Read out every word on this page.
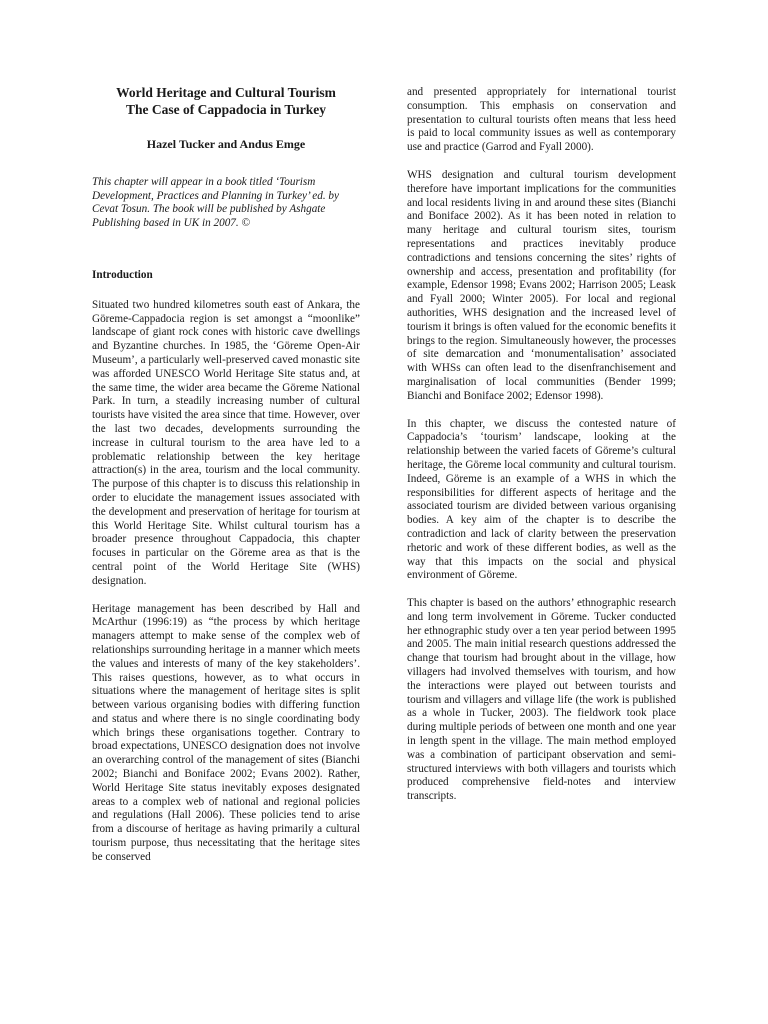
World Heritage and Cultural Tourism
The Case of Cappadocia in Turkey
Hazel Tucker and Andus Emge
This chapter will appear in a book titled ‘Tourism Development, Practices and Planning in Turkey’ ed. by Cevat Tosun. The book will be published by Ashgate Publishing based in UK in 2007. ©
Introduction

Situated two hundred kilometres south east of Ankara, the Göreme-Cappadocia region is set amongst a “moonlike” landscape of giant rock cones with historic cave dwellings and Byzantine churches. In 1985, the ‘Göreme Open-Air Museum’, a particularly well-preserved caved monastic site was afforded UNESCO World Heritage Site status and, at the same time, the wider area became the Göreme National Park. In turn, a steadily increasing number of cultural tourists have visited the area since that time. However, over the last two decades, developments surrounding the increase in cultural tourism to the area have led to a problematic relationship between the key heritage attraction(s) in the area, tourism and the local community. The purpose of this chapter is to discuss this relationship in order to elucidate the management issues associated with the development and preservation of heritage for tourism at this World Heritage Site. Whilst cultural tourism has a broader presence throughout Cappadocia, this chapter focuses in particular on the Göreme area as that is the central point of the World Heritage Site (WHS) designation.

Heritage management has been described by Hall and McArthur (1996:19) as “the process by which heritage managers attempt to make sense of the complex web of relationships surrounding heritage in a manner which meets the values and interests of many of the key stakeholders’. This raises questions, however, as to what occurs in situations where the management of heritage sites is split between various organising bodies with differing function and status and where there is no single coordinating body which brings these organisations together. Contrary to broad expectations, UNESCO designation does not involve an overarching control of the management of sites (Bianchi 2002; Bianchi and Boniface 2002; Evans 2002). Rather, World Heritage Site status inevitably exposes designated areas to a complex web of national and regional policies and regulations (Hall 2006). These policies tend to arise from a discourse of heritage as having primarily a cultural tourism purpose, thus necessitating that the heritage sites be conserved

and presented appropriately for international tourist consumption. This emphasis on conservation and presentation to cultural tourists often means that less heed is paid to local community issues as well as contemporary use and practice (Garrod and Fyall 2000).

WHS designation and cultural tourism development therefore have important implications for the communities and local residents living in and around these sites (Bianchi and Boniface 2002). As it has been noted in relation to many heritage and cultural tourism sites, tourism representations and practices inevitably produce contradictions and tensions concerning the sites’ rights of ownership and access, presentation and profitability (for example, Edensor 1998; Evans 2002; Harrison 2005; Leask and Fyall 2000; Winter 2005). For local and regional authorities, WHS designation and the increased level of tourism it brings is often valued for the economic benefits it brings to the region. Simultaneously however, the processes of site demarcation and ‘monumentalisation’ associated with WHSs can often lead to the disenfranchisement and marginalisation of local communities (Bender 1999; Bianchi and Boniface 2002; Edensor 1998).

In this chapter, we discuss the contested nature of Cappadocia’s ‘tourism’ landscape, looking at the relationship between the varied facets of Göreme’s cultural heritage, the Göreme local community and cultural tourism. Indeed, Göreme is an example of a WHS in which the responsibilities for different aspects of heritage and the associated tourism are divided between various organising bodies. A key aim of the chapter is to describe the contradiction and lack of clarity between the preservation rhetoric and work of these different bodies, as well as the way that this impacts on the social and physical environment of Göreme.

This chapter is based on the authors’ ethnographic research and long term involvement in Göreme. Tucker conducted her ethnographic study over a ten year period between 1995 and 2005. The main initial research questions addressed the change that tourism had brought about in the village, how villagers had involved themselves with tourism, and how the interactions were played out between tourists and tourism and villagers and village life (the work is published as a whole in Tucker, 2003). The fieldwork took place during multiple periods of between one month and one year in length spent in the village. The main method employed was a combination of participant observation and semi-structured interviews with both villagers and tourists which produced comprehensive field-notes and interview transcripts.
